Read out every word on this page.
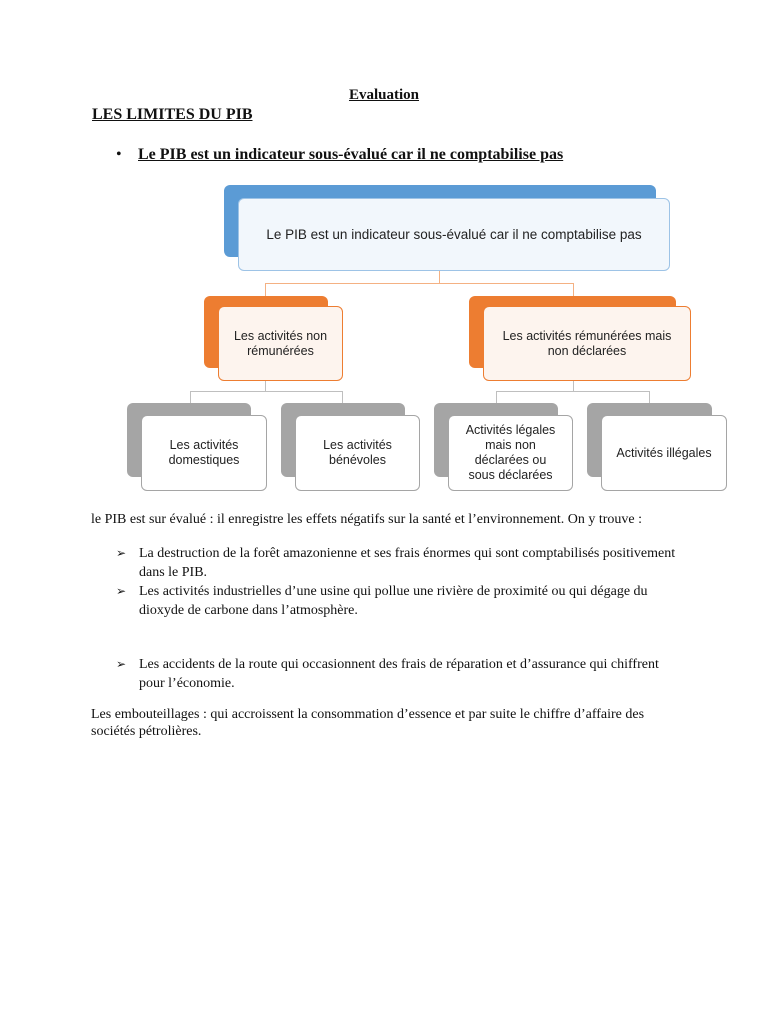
Evaluation
LES LIMITES DU PIB
• Le PIB est un indicateur sous-évalué car il ne comptabilise pas
Le PIB est un indicateur sous-évalué car il ne comptabilise pas
Les activités non rémunérées
Les activités rémunérées mais non déclarées
Les activités domestiques
Les activités bénévoles
Activités légales mais non déclarées ou sous déclarées
Activités illégales
le PIB est sur évalué : il enregistre les effets négatifs sur la santé et l’environnement. On y trouve :
➢ La destruction de la forêt amazonienne et ses frais énormes qui sont comptabilisés positivement dans le PIB.
➢ Les activités industrielles d’une usine qui pollue une rivière de proximité ou qui dégage du dioxyde de carbone dans l’atmosphère.
➢ Les accidents de la route qui occasionnent des frais de réparation et d’assurance qui chiffrent pour l’économie.
Les embouteillages : qui accroissent la consommation d’essence et par suite le chiffre d’affaire des sociétés pétrolières.
